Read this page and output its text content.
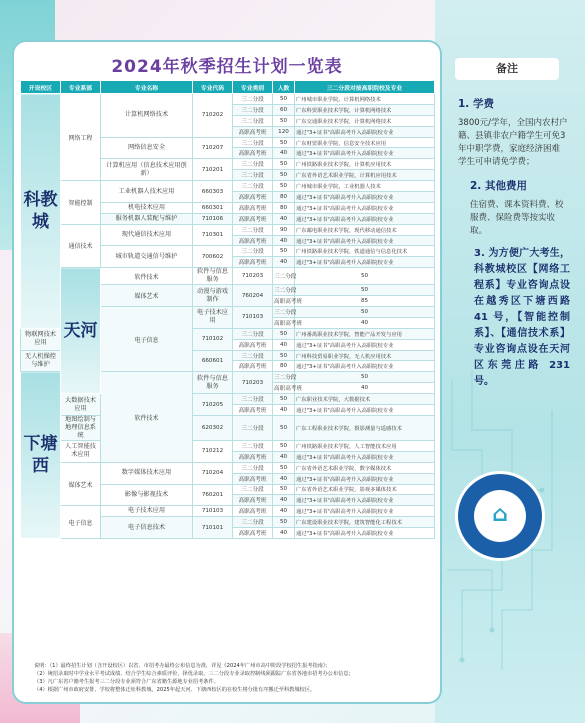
2024年秋季招生计划一览表
开设校区	专业系部	专业名称	专业代码	专业类别	人数	三二分段对接高职院校及专业	
科教城	网络工程	计算机网络技术	710202	三二分段	50	广州城市职业学院，计算机网络技术	
				三二分段	60	广东科贸职业技术学院，计算机网络技术	
				三二分段	50	广东交通职业技术学院，计算机网络技术	
				高职高考班	120	通过"3+证书"高职高考升入高职院校专业	
		网络信息安全	710207	三二分段	50	广东财贸职业学院，信息安全技术应用	
				高职高考班	40	通过"3+证书"高职高考升入高职院校专业	
		计算机应用（信息技术应用创新）	710201	三二分段	50	广州铁路职业技术学院，计算机应用技术	
				三二分段	50	广东省外语艺术职业学院，计算机应用技术	
	智能控制	工业机器人技术应用	660303	三二分段	50	广州城市职业学院，工业机器人技术	
				高职高考班	80	通过"3+证书"高职高考升入高职院校专业	
		机电技术应用	660301	高职高考班	80	通过"3+证书"高职高考升入高职院校专业	
		服务机器人装配与维护	710106	高职高考班	40	通过"3+证书"高职高考升入高职院校专业	
	通信技术	现代通信技术应用	710301	三二分段	90	广东邮电职业技术学院，现代移动通信技术	
				高职高考班	40	通过"3+证书"高职高考升入高职院校专业	
		城市轨道交通信号维护	700602	三二分段	50	广州铁路职业技术学院，铁道通信与信息化技术	
				高职高考班	40	通过"3+证书"高职高考升入高职院校专业	
	天河	软件技术	软件与信息服务	710203	三二分段	50	
		媒体艺术	动漫与游戏制作	760204	三二分段	50	
					高职高考班	85	
		电子信息	电子技术应用	710103	三二分段	50	
					高职高考班	40	
物联网技术应用			710102	三二分段	50	广州番禺职业技术学院，智能产品开发与应用	
				高职高考班	40	通过"3+证书"高职高考升入高职院校专业	
无人机操控与维护			660601	三二分段	50	广州科技贸易职业学院，无人机应用技术	
				高职高考班	80	通过"3+证书"高职高考升入高职院校专业	
下塘西		软件技术	软件与信息服务	710203	三二分段	50	
					高职高考班	40	
	大数据技术应用		710205	三二分段	50	广东职业技术学院，大数据技术	
				高职高考班	40	通过"3+证书"高职高考升入高职院校专业	
	地图绘制与地理信息系统		620302	三二分段	50	广东工程职业技术学院，摄影测量与遥感技术	
	人工智能技术应用		710212	三二分段	50	广州铁路职业技术学院，人工智能技术应用	
				高职高考班	40	通过"3+证书"高职高考升入高职院校专业	
	媒体艺术	数字媒体技术应用	710204	三二分段	50	广东省外语艺术职业学院，数字媒体技术	
				高职高考班	40	通过"3+证书"高职高考升入高职院校专业	
		影像与影视技术	760201	三二分段	50	广东省外语艺术职业学院，影视多媒体技术	
				高职高考班	40	通过"3+证书"高职高考升入高职院校专业	
	电子信息	电子技术应用	710103	高职高考班	40	通过"3+证书"高职高考升入高职院校专业	
		电子信息技术	710101	三二分段	50	广东建设职业技术学院，建筑智能化工程技术	
				高职高考班	40	通过"3+证书"高职高考升入高职院校专业	
说明：（1）最终招生计划（含开设校区）以省、市招考办最终公布信息为准，详见《2024年广州市高中阶段学校招生报考指南》；
（2）统招录取时中学业水平考试成绩、结合学生综合素质评价，择优录取，三二分段专业录取控制线须跟踪广东省各地市招考办公布信息；
（3）凡广东省户籍考生报考三二分段专业须符合广东省籍生源地专业招考条件。
（4）根据广州市政府安排，学校将整体迁址科教城，2025年起天河、下塘西校区的在校生将分批有序搬迁至科教城校区。
备注
1. 学费
3800元/学年，全国内农村户籍、县镇非农户籍学生可免3年中职学费，家庭经济困难学生可申请免学费；
2. 其他费用
住宿费、课本资料费、校服费、保险费等按实收取。
3. 为方便广大考生，科教城校区【网络工程系】专业咨询点设在越秀区下塘西路 41 号，【智能控制系】、【通信技术系】专业咨询点设在天河区东莞庄路 231 号。
⌂
